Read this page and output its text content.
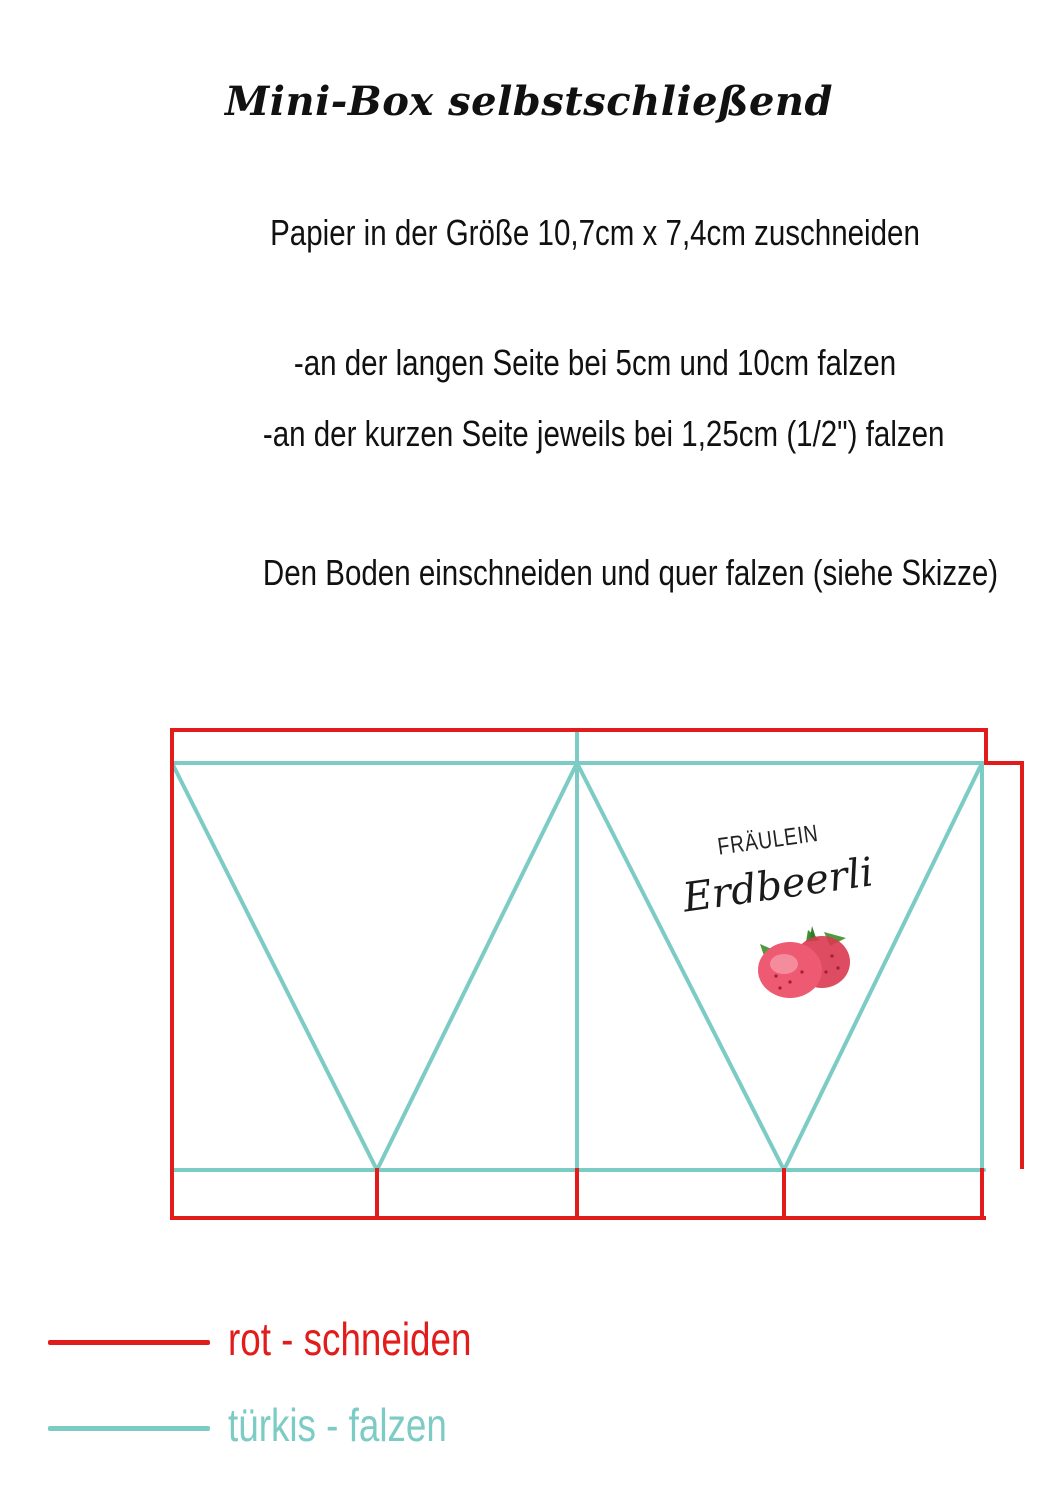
Mini-Box selbstschließend
Papier in der Größe 10,7cm x 7,4cm zuschneiden
-an der langen Seite bei 5cm und 10cm falzen
-an der kurzen Seite jeweils bei 1,25cm (1/2") falzen
Den Boden einschneiden und quer falzen (siehe Skizze)
FRÄULEIN
Erdbeerli
rot - schneiden
türkis - falzen
